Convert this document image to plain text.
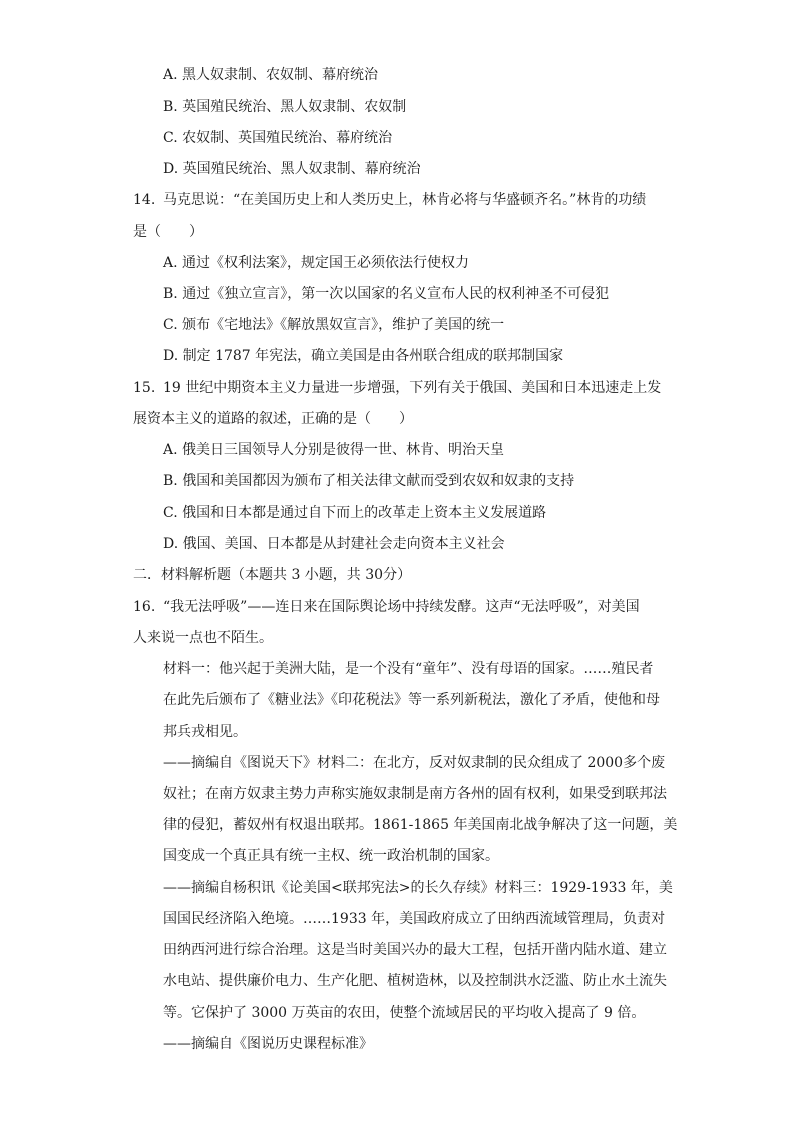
A. 黑人奴隶制、农奴制、幕府统治
B. 英国殖民统治、黑人奴隶制、农奴制
C. 农奴制、英国殖民统治、幕府统治
D. 英国殖民统治、黑人奴隶制、幕府统治
14. 马克思说：“在美国历史上和人类历史上，林肯必将与华盛顿齐名。”林肯的功绩
是（　　）
A. 通过《权利法案》，规定国王必须依法行使权力
B. 通过《独立宣言》，第一次以国家的名义宣布人民的权利神圣不可侵犯
C. 颁布《宅地法》《解放黑奴宣言》，维护了美国的统一
D. 制定 1787 年宪法，确立美国是由各州联合组成的联邦制国家
15. 19 世纪中期资本主义力量进一步增强，下列有关于俄国、美国和日本迅速走上发
展资本主义的道路的叙述，正确的是（　　）
A. 俄美日三国领导人分别是彼得一世、林肯、明治天皇
B. 俄国和美国都因为颁布了相关法律文献而受到农奴和奴隶的支持
C. 俄国和日本都是通过自下而上的改革走上资本主义发展道路
D. 俄国、美国、日本都是从封建社会走向资本主义社会
二．材料解析题（本题共 3 小题，共 30分）
16. “我无法呼吸”——连日来在国际舆论场中持续发酵。这声“无法呼吸”，对美国
人来说一点也不陌生。
材料一：他兴起于美洲大陆，是一个没有“童年”、没有母语的国家。……殖民者
在此先后颁布了《糖业法》《印花税法》等一系列新税法，激化了矛盾，使他和母
邦兵戎相见。
——摘编自《图说天下》材料二：在北方，反对奴隶制的民众组成了 2000多个废
奴社；在南方奴隶主势力声称实施奴隶制是南方各州的固有权利，如果受到联邦法
律的侵犯，蓄奴州有权退出联邦。1861-1865 年美国南北战争解决了这一问题，美
国变成一个真正具有统一主权、统一政治机制的国家。
——摘编自杨积讯《论美国<联邦宪法>的长久存续》材料三：1929-1933 年，美
国国民经济陷入绝境。……1933 年，美国政府成立了田纳西流域管理局，负责对
田纳西河进行综合治理。这是当时美国兴办的最大工程，包括开凿内陆水道、建立
水电站、提供廉价电力、生产化肥、植树造林，以及控制洪水泛滥、防止水土流失
等。它保护了 3000 万英亩的农田，使整个流域居民的平均收入提高了 9 倍。
——摘编自《图说历史课程标准》
